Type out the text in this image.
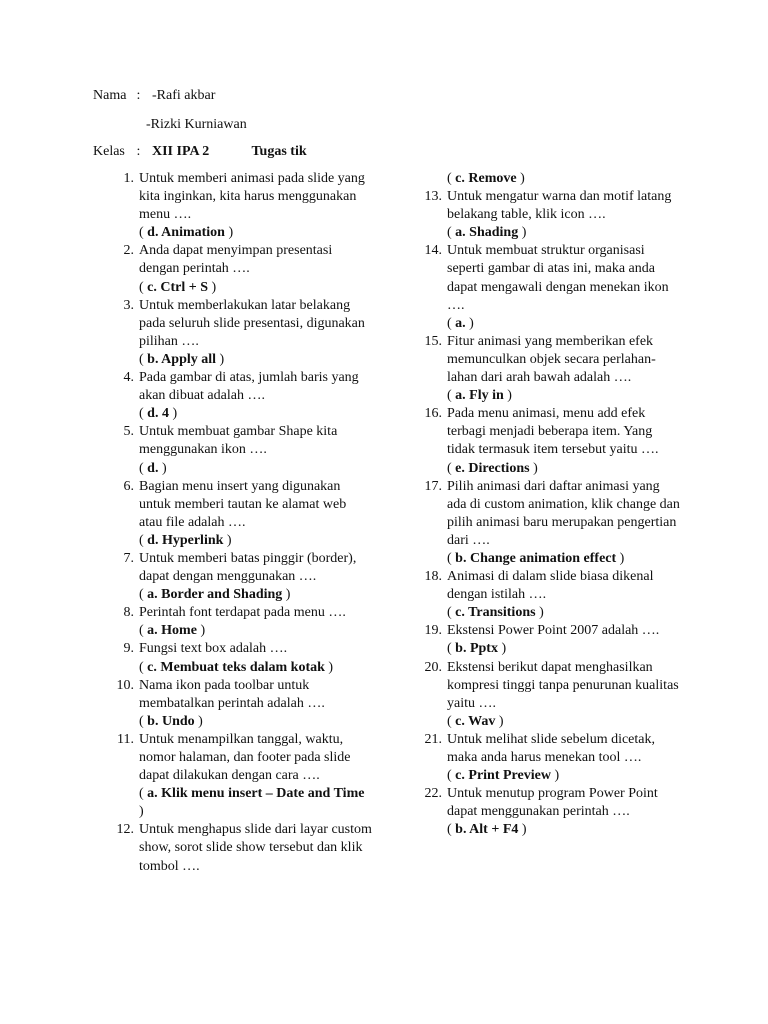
Nama : -Rafi akbar
-Rizki Kurniawan
Kelas : XII IPA 2	Tugas tik
1. Untuk memberi animasi pada slide yang kita inginkan, kita harus menggunakan menu ….
( d. Animation )
2. Anda dapat menyimpan presentasi dengan perintah ….
( c. Ctrl + S )
3. Untuk memberlakukan latar belakang pada seluruh slide presentasi, digunakan pilihan ….
( b. Apply all )
4. Pada gambar di atas, jumlah baris yang akan dibuat adalah ….
( d. 4 )
5. Untuk membuat gambar Shape kita menggunakan ikon ….
( d. )
6. Bagian menu insert yang digunakan untuk memberi tautan ke alamat web atau file adalah ….
( d. Hyperlink )
7. Untuk memberi batas pinggir (border), dapat dengan menggunakan ….
( a. Border and Shading )
8. Perintah font terdapat pada menu ….
( a. Home )
9. Fungsi text box adalah ….
( c. Membuat teks dalam kotak )
10. Nama ikon pada toolbar untuk membatalkan perintah adalah ….
( b. Undo )
11. Untuk menampilkan tanggal, waktu, nomor halaman, dan footer pada slide dapat dilakukan dengan cara ….
( a. Klik menu insert – Date and Time )
12. Untuk menghapus slide dari layar custom show, sorot slide show tersebut dan klik tombol ….
( c. Remove )
13. Untuk mengatur warna dan motif latang belakang table, klik icon ….
( a. Shading )
14. Untuk membuat struktur organisasi seperti gambar di atas ini, maka anda dapat mengawali dengan menekan ikon ….
( a. )
15. Fitur animasi yang memberikan efek memunculkan objek secara perlahan-lahan dari arah bawah adalah ….
( a. Fly in )
16. Pada menu animasi, menu add efek terbagi menjadi beberapa item. Yang tidak termasuk item tersebut yaitu ….
( e. Directions )
17. Pilih animasi dari daftar animasi yang ada di custom animation, klik change dan pilih animasi baru merupakan pengertian dari ….
( b. Change animation effect )
18. Animasi di dalam slide biasa dikenal dengan istilah ….
( c. Transitions )
19. Ekstensi Power Point 2007 adalah ….
( b. Pptx )
20. Ekstensi berikut dapat menghasilkan kompresi tinggi tanpa penurunan kualitas yaitu ….
( c. Wav )
21. Untuk melihat slide sebelum dicetak, maka anda harus menekan tool ….
( c. Print Preview )
22. Untuk menutup program Power Point dapat menggunakan perintah ….
( b. Alt + F4 )
